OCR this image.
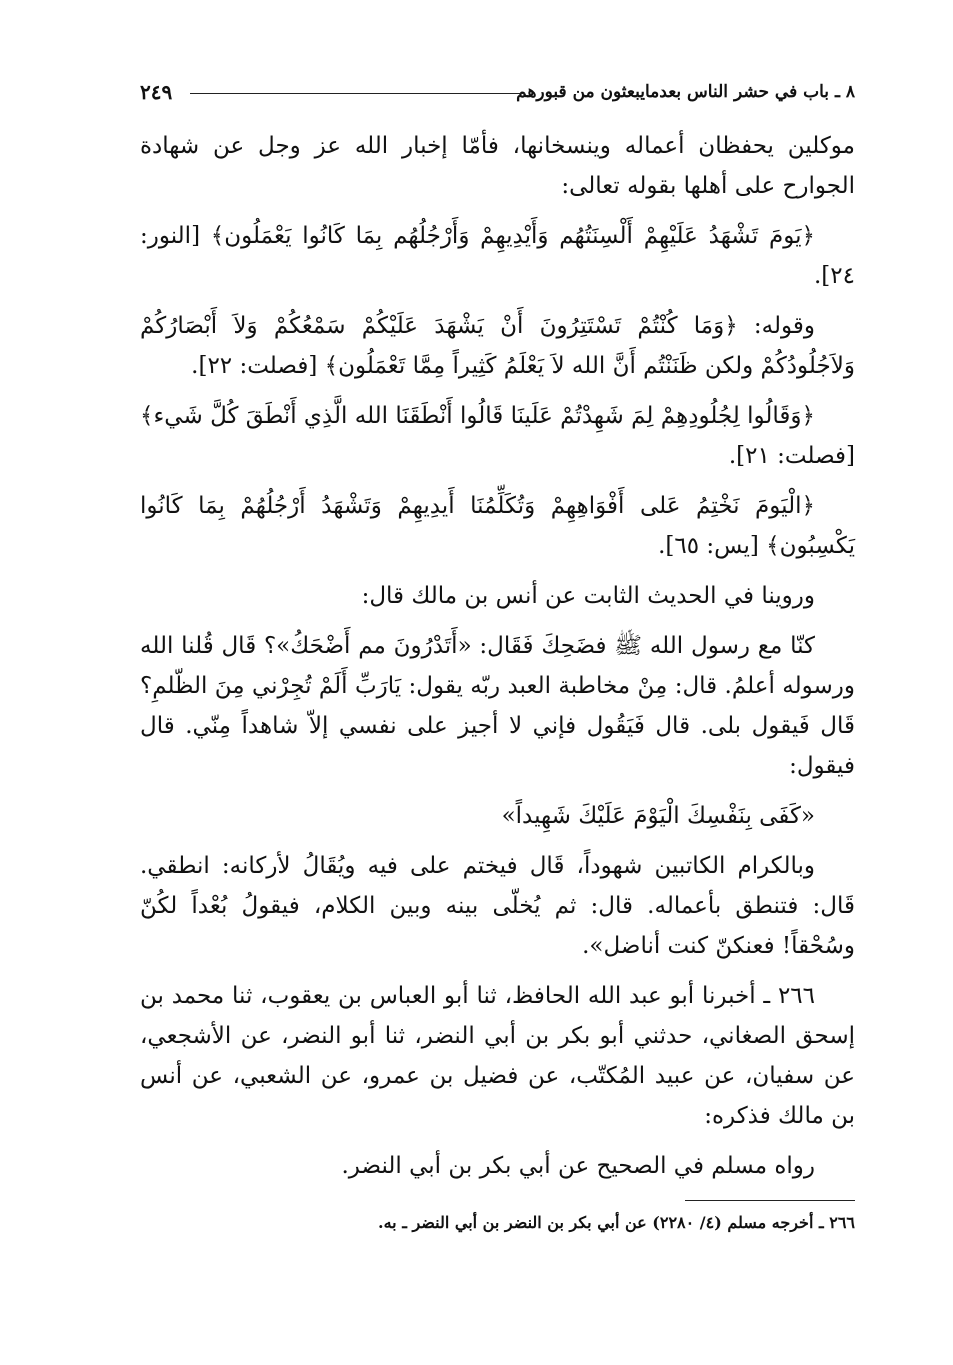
٨ ـ باب في حشر الناس بعدمايبعثون من قبورهم
٢٤٩

موكلين يحفظان أعماله وينسخانها، فأمّا إخبار الله عز وجل عن شهادة الجوارح على أهلها بقوله تعالى:

﴿يَومَ تَشْهَدُ عَلَيْهِمْ أَلْسِنَتُهُم وَأَيْدِيهِمْ وَأَرْجُلُهُم بِمَا كَانُوا يَعْمَلُون﴾ [النور: ٢٤].

وقوله: ﴿وَمَا كُنْتُمْ تَسْتَتِرُونَ أَنْ يَشْهَدَ عَلَيْكُمْ سَمْعُكُمْ وَلاَ أَبْصَارُكُمْ وَلاَجُلُودُكُمْ ولكن ظَنَنْتُم أَنَّ الله لاَ يَعْلَمُ كَثِيراً مِمَّا تَعْمَلُون﴾ [فصلت: ٢٢].

﴿وَقَالُوا لِجُلُودِهِمْ لِمَ شَهِدْتُمْ عَلَينَا قَالُوا أَنْطَقَنَا الله الَّذِي أَنْطَقَ كُلَّ شَيء﴾ [فصلت: ٢١].

﴿الْيَومَ نَخْتِمُ عَلى أَفْوَاهِهِمْ وَتُكَلِّمُنَا أَيدِيهِمْ وَتَشْهَدُ أَرْجُلُهُمْ بِمَا كَانُوا يَكْسِبُون﴾ [يس: ٦٥].

وروينا في الحديث الثابت عن أنس بن مالك قال:

كنّا مع رسول الله ﷺ فضَحِكَ فَقَال: «أَتَدْرُونَ مم أَضْحَكُ»؟ قَال قُلنا الله ورسوله أعلمُ. قال: مِنْ مخاطبة العبد ربّه يقول: يَارَبِّ أَلَمْ تُجِرْني مِنَ الظّلمِ؟ قَال فَيقول بلى. قال فَيَقُول فإني لا أجيز على نفسي إلاّ شاهداً مِنّي. قال فيقول:

«كَفَى بِنَفْسِكَ الْيَوْمَ عَلَيْكَ شَهِيداً»

وبالكرام الكاتبين شهوداً، قَال فيختم على فيه ويُقَالُ لأركانه: انطقي. قَال: فتنطق بأعماله. قال: ثم يُخلّى بينه وبين الكلام، فيقولُ بُعْداً لكُنّ وسُحْقاً! فعنكنّ كنت أناضل».

٢٦٦ ـ أخبرنا أبو عبد الله الحافظ، ثنا أبو العباس بن يعقوب، ثنا محمد بن إسحق الصغاني، حدثني أبو بكر بن أبي النضر، ثنا أبو النضر، عن الأشجعي، عن سفيان، عن عبيد المُكتّب، عن فضيل بن عمرو، عن الشعبي، عن أنس بن مالك فذكره:

رواه مسلم في الصحيح عن أبي بكر بن أبي النضر.

٢٦٦ ـ أخرجه مسلم (٤/ ٢٢٨٠) عن أبي بكر بن النضر بن أبي النضر ـ به.
